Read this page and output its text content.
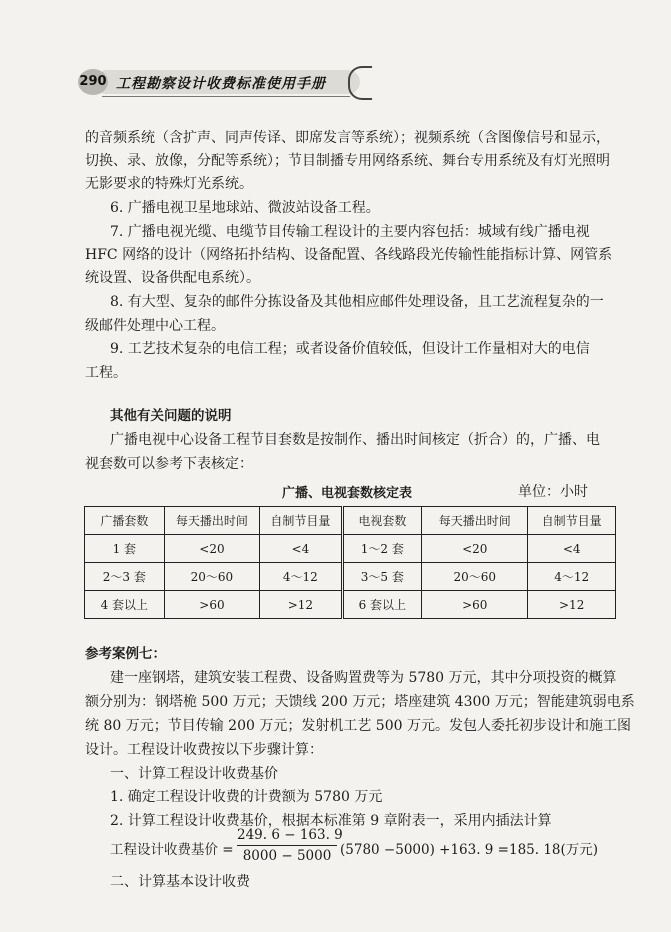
290 工程勘察设计收费标准使用手册
的音频系统（含扩声、同声传译、即席发言等系统）；视频系统（含图像信号和显示，
切换、录、放像，分配等系统）；节目制播专用网络系统、舞台专用系统及有灯光照明
无影要求的特殊灯光系统。
6. 广播电视卫星地球站、微波站设备工程。
7. 广播电视光缆、电缆节目传输工程设计的主要内容包括：城域有线广播电视
HFC 网络的设计（网络拓扑结构、设备配置、各线路段光传输性能指标计算、网管系
统设置、设备供配电系统）。
8. 有大型、复杂的邮件分拣设备及其他相应邮件处理设备，且工艺流程复杂的一
级邮件处理中心工程。
9. 工艺技术复杂的电信工程；或者设备价值较低，但设计工作量相对大的电信
工程。
其他有关问题的说明
广播电视中心设备工程节目套数是按制作、播出时间核定（折合）的，广播、电
视套数可以参考下表核定：
广播、电视套数核定表	单位：小时
广播套数	每天播出时间	自制节目量	电视套数	每天播出时间	自制节目量
1 套	<20	<4	1～2 套	<20	<4
2～3 套	20～60	4～12	3～5 套	20～60	4～12
4 套以上	>60	>12	6 套以上	>60	>12
参考案例七：
建一座钢塔，建筑安装工程费、设备购置费等为 5780 万元，其中分项投资的概算
额分别为：钢塔桅 500 万元；天馈线 200 万元；塔座建筑 4300 万元；智能建筑弱电系
统 80 万元；节目传输 200 万元；发射机工艺 500 万元。发包人委托初步设计和施工图
设计。工程设计收费按以下步骤计算：
一、计算工程设计收费基价
1. 确定工程设计收费的计费额为 5780 万元
2. 计算工程设计收费基价，根据本标准第 9 章附表一，采用内插法计算
工程设计收费基价 =
249. 6 − 163. 9
8000 − 5000 (5780 −5000) +163. 9 =185. 18(万元)
二、计算基本设计收费
